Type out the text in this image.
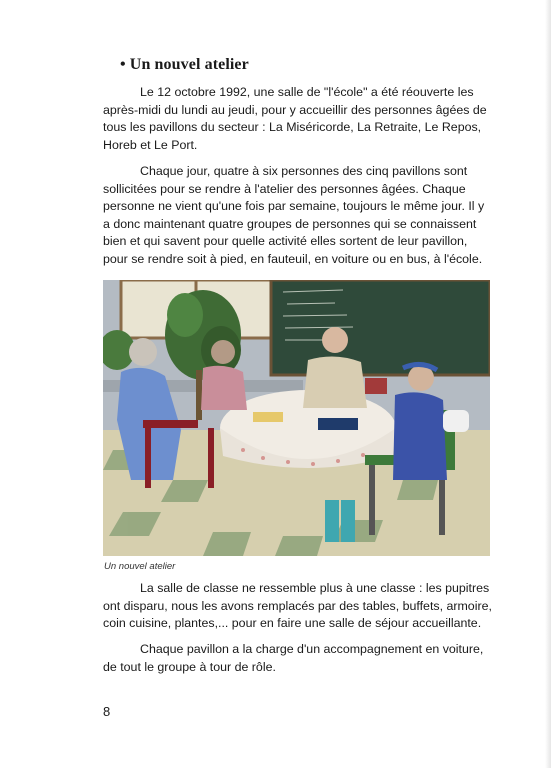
• Un nouvel atelier

Le 12 octobre 1992, une salle de "l'école" a été réouverte les
après-midi du lundi au jeudi, pour y accueillir des personnes âgées de
tous les pavillons du secteur : La Miséricorde, La Retraite, Le Repos,
Horeb et Le Port.

Chaque jour, quatre à six personnes des cinq pavillons sont
sollicitées pour se rendre à l'atelier des personnes âgées. Chaque
personne ne vient qu'une fois par semaine, toujours le même jour. Il y
a donc maintenant quatre groupes de personnes qui se connaissent
bien et qui savent pour quelle activité elles sortent de leur pavillon,
pour se rendre soit à pied, en fauteuil, en voiture ou en bus, à l'école.

Un nouvel atelier

La salle de classe ne ressemble plus à une classe : les pupitres
ont disparu, nous les avons remplacés par des tables, buffets, armoire,
coin cuisine, plantes,... pour en faire une salle de séjour accueillante.

Chaque pavillon a la charge d'un accompagnement en voiture,
de tout le groupe à tour de rôle.

8
